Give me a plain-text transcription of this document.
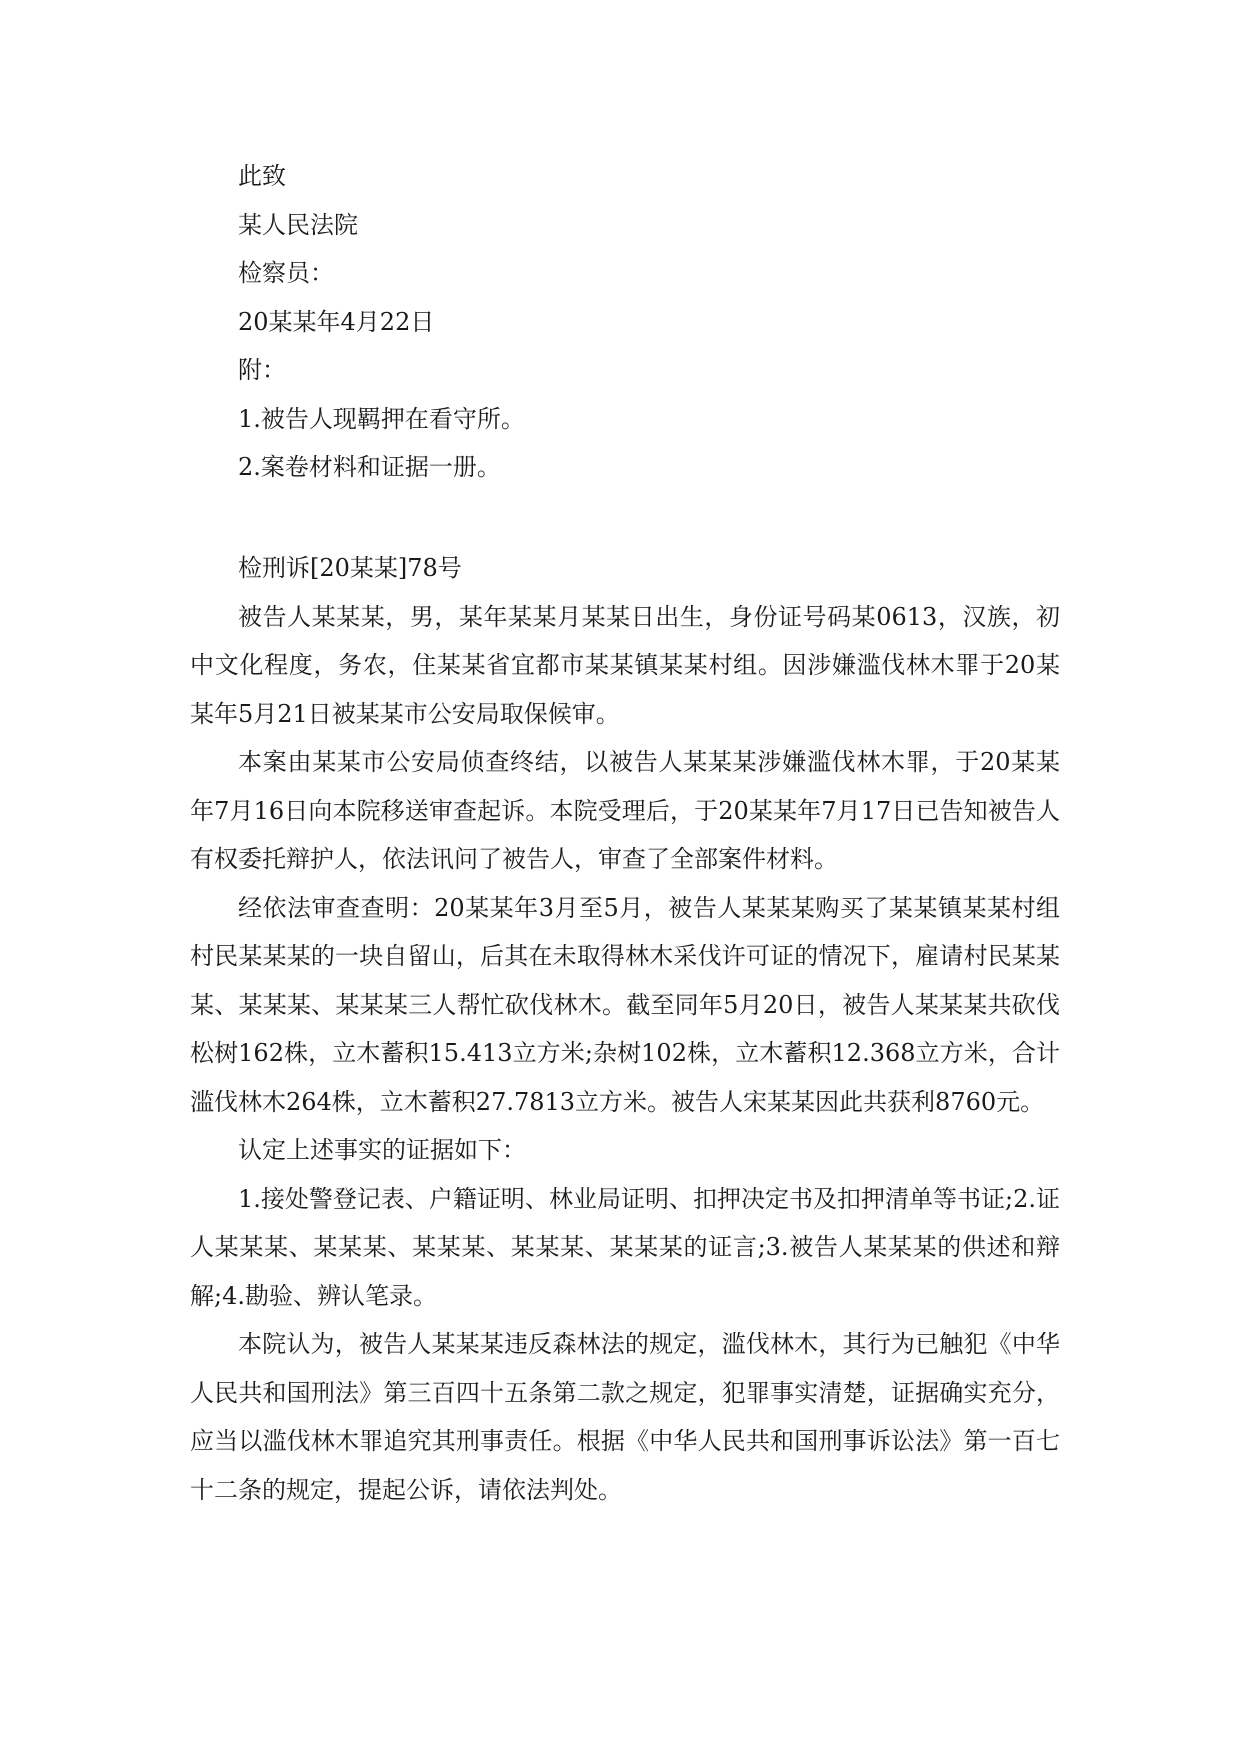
此致

某人民法院

检察员：

20某某年4月22日

附：

1.被告人现羁押在看守所。

2.案卷材料和证据一册。

检刑诉[20某某]78号

被告人某某某，男，某年某某月某某日出生，身份证号码某0613，汉族，初中文化程度，务农，住某某省宜都市某某镇某某村组。因涉嫌滥伐林木罪于20某某年5月21日被某某市公安局取保候审。

本案由某某市公安局侦查终结，以被告人某某某涉嫌滥伐林木罪，于20某某年7月16日向本院移送审查起诉。本院受理后，于20某某年7月17日已告知被告人有权委托辩护人，依法讯问了被告人，审查了全部案件材料。

经依法审查查明：20某某年3月至5月，被告人某某某购买了某某镇某某村组村民某某某的一块自留山，后其在未取得林木采伐许可证的情况下，雇请村民某某某、某某某、某某某三人帮忙砍伐林木。截至同年5月20日，被告人某某某共砍伐松树162株，立木蓄积15.413立方米;杂树102株，立木蓄积12.368立方米，合计滥伐林木264株，立木蓄积27.7813立方米。被告人宋某某因此共获利8760元。

认定上述事实的证据如下：

1.接处警登记表、户籍证明、林业局证明、扣押决定书及扣押清单等书证;2.证人某某某、某某某、某某某、某某某、某某某的证言;3.被告人某某某的供述和辩解;4.勘验、辨认笔录。

本院认为，被告人某某某违反森林法的规定，滥伐林木，其行为已触犯《中华人民共和国刑法》第三百四十五条第二款之规定，犯罪事实清楚，证据确实充分，应当以滥伐林木罪追究其刑事责任。根据《中华人民共和国刑事诉讼法》第一百七十二条的规定，提起公诉，请依法判处。
